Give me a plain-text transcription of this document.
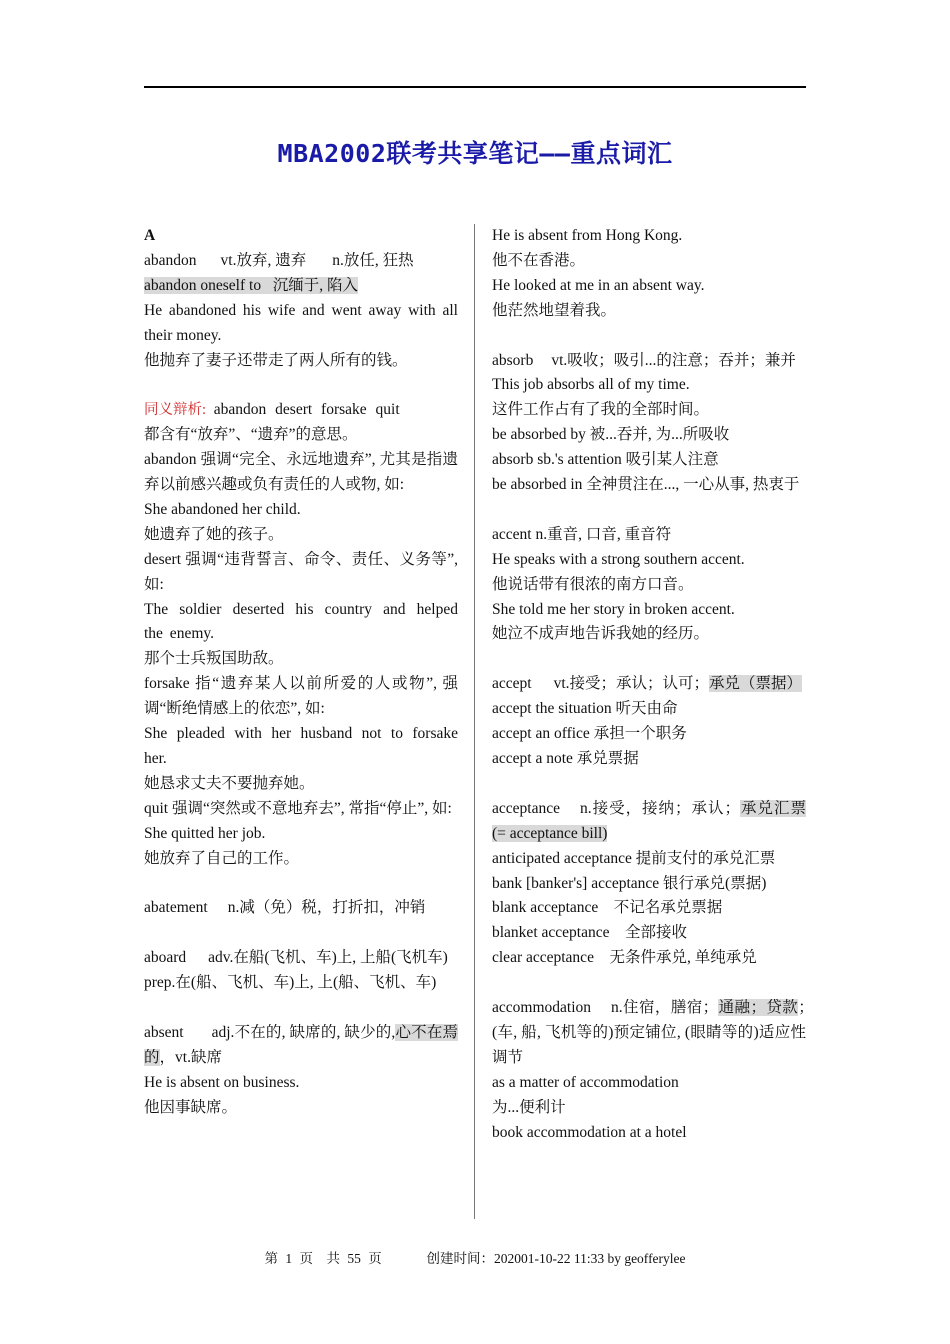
MBA2002联考共享笔记——重点词汇

A

abandon vt.放弃, 遗弃 n.放任, 狂热

abandon oneself to 沉缅于, 陷入

He abandoned his wife and went away with all their money.

他抛弃了妻子还带走了两人所有的钱。

同义辩析: abandon desert forsake quit

都含有“放弃”、“遗弃”的意思。

abandon 强调“完全、永远地遗弃”, 尤其是指遗弃以前感兴趣或负有责任的人或物, 如:

She abandoned her child.

她遗弃了她的孩子。

desert 强调“违背誓言、命令、责任、义务等”, 如:

The soldier deserted his country and helped the enemy.

那个士兵叛国助敌。

forsake 指“遗弃某人以前所爱的人或物”, 强调“断绝情感上的依恋”, 如:

She pleaded with her husband not to forsake her.

她恳求丈夫不要抛弃她。

quit 强调“突然或不意地弃去”, 常指“停止”, 如:

She quitted her job.

她放弃了自己的工作。

abatement n.减（免）税，打折扣，冲销

aboard adv.在船(飞机、车)上, 上船(飞机车)

prep.在(船、飞机、车)上, 上(船、飞机、车)

absent adj.不在的, 缺席的, 缺少的,心不在焉的，vt.缺席

He is absent on business.

他因事缺席。

He is absent from Hong Kong.

他不在香港。

He looked at me in an absent way.

他茫然地望着我。

absorb vt.吸收；吸引...的注意；吞并；兼并

This job absorbs all of my time.

这件工作占有了我的全部时间。

be absorbed by 被...吞并, 为...所吸收

absorb sb.'s attention 吸引某人注意

be absorbed in 全神贯注在..., 一心从事, 热衷于

accent n.重音, 口音, 重音符

He speaks with a strong southern accent.

他说话带有很浓的南方口音。

She told me her story in broken accent.

她泣不成声地告诉我她的经历。

accept vt.接受；承认；认可；承兑（票据）

accept the situation 听天由命

accept an office 承担一个职务

accept a note 承兑票据

acceptance n.接受，接纳；承认；承兑汇票 (= acceptance bill)

anticipated acceptance 提前支付的承兑汇票

bank [banker's] acceptance 银行承兑(票据)

blank acceptance　不记名承兑票据

blanket acceptance　全部接收

clear acceptance　无条件承兑, 单纯承兑

accommodation n.住宿，膳宿；通融；贷款；　(车, 船, 飞机等的)预定铺位, (眼睛等的)适应性调节

as a matter of accommodation

为...便利计

book accommodation at a hotel

第 1 页　共 55 页	创建时间：202001-10-22 11:33 by geofferylee
